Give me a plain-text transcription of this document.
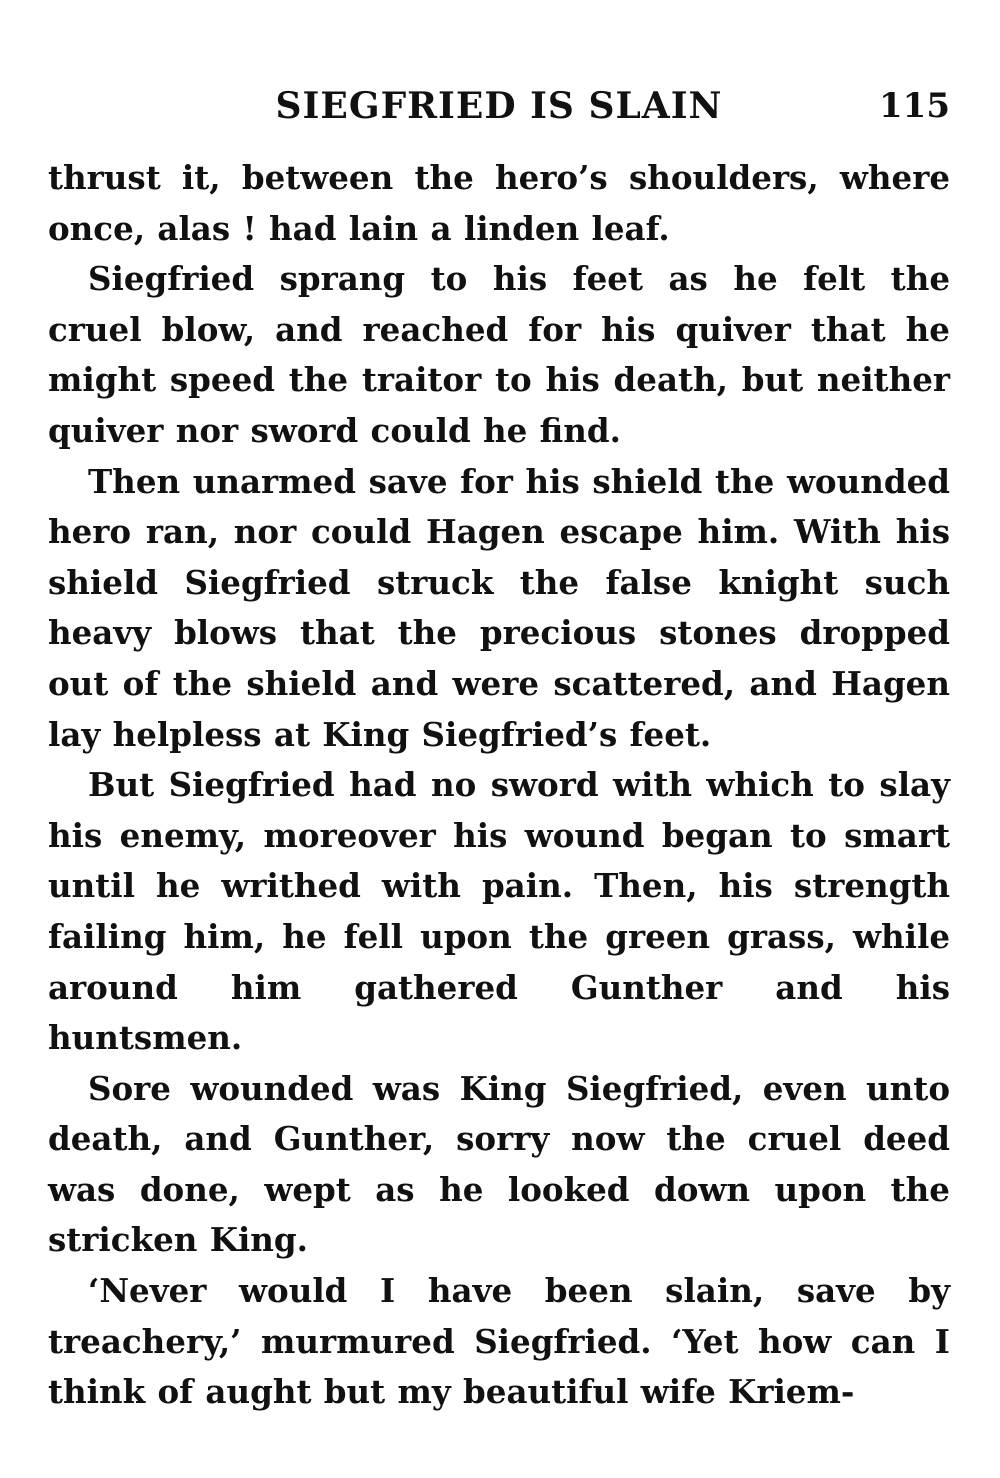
SIEGFRIED IS SLAIN	115

thrust it, between the hero’s shoulders, where once, alas ! had lain a linden leaf.

Siegfried sprang to his feet as he felt the cruel blow, and reached for his quiver that he might speed the traitor to his death, but neither quiver nor sword could he find.

Then unarmed save for his shield the wounded hero ran, nor could Hagen escape him. With his shield Siegfried struck the false knight such heavy blows that the precious stones dropped out of the shield and were scattered, and Hagen lay helpless at King Siegfried’s feet.

But Siegfried had no sword with which to slay his enemy, moreover his wound began to smart until he writhed with pain. Then, his strength failing him, he fell upon the green grass, while around him gathered Gunther and his huntsmen.

Sore wounded was King Siegfried, even unto death, and Gunther, sorry now the cruel deed was done, wept as he looked down upon the stricken King.

‘Never would I have been slain, save by treachery,’ murmured Siegfried. ‘Yet how can I think of aught but my beautiful wife Kriem-
